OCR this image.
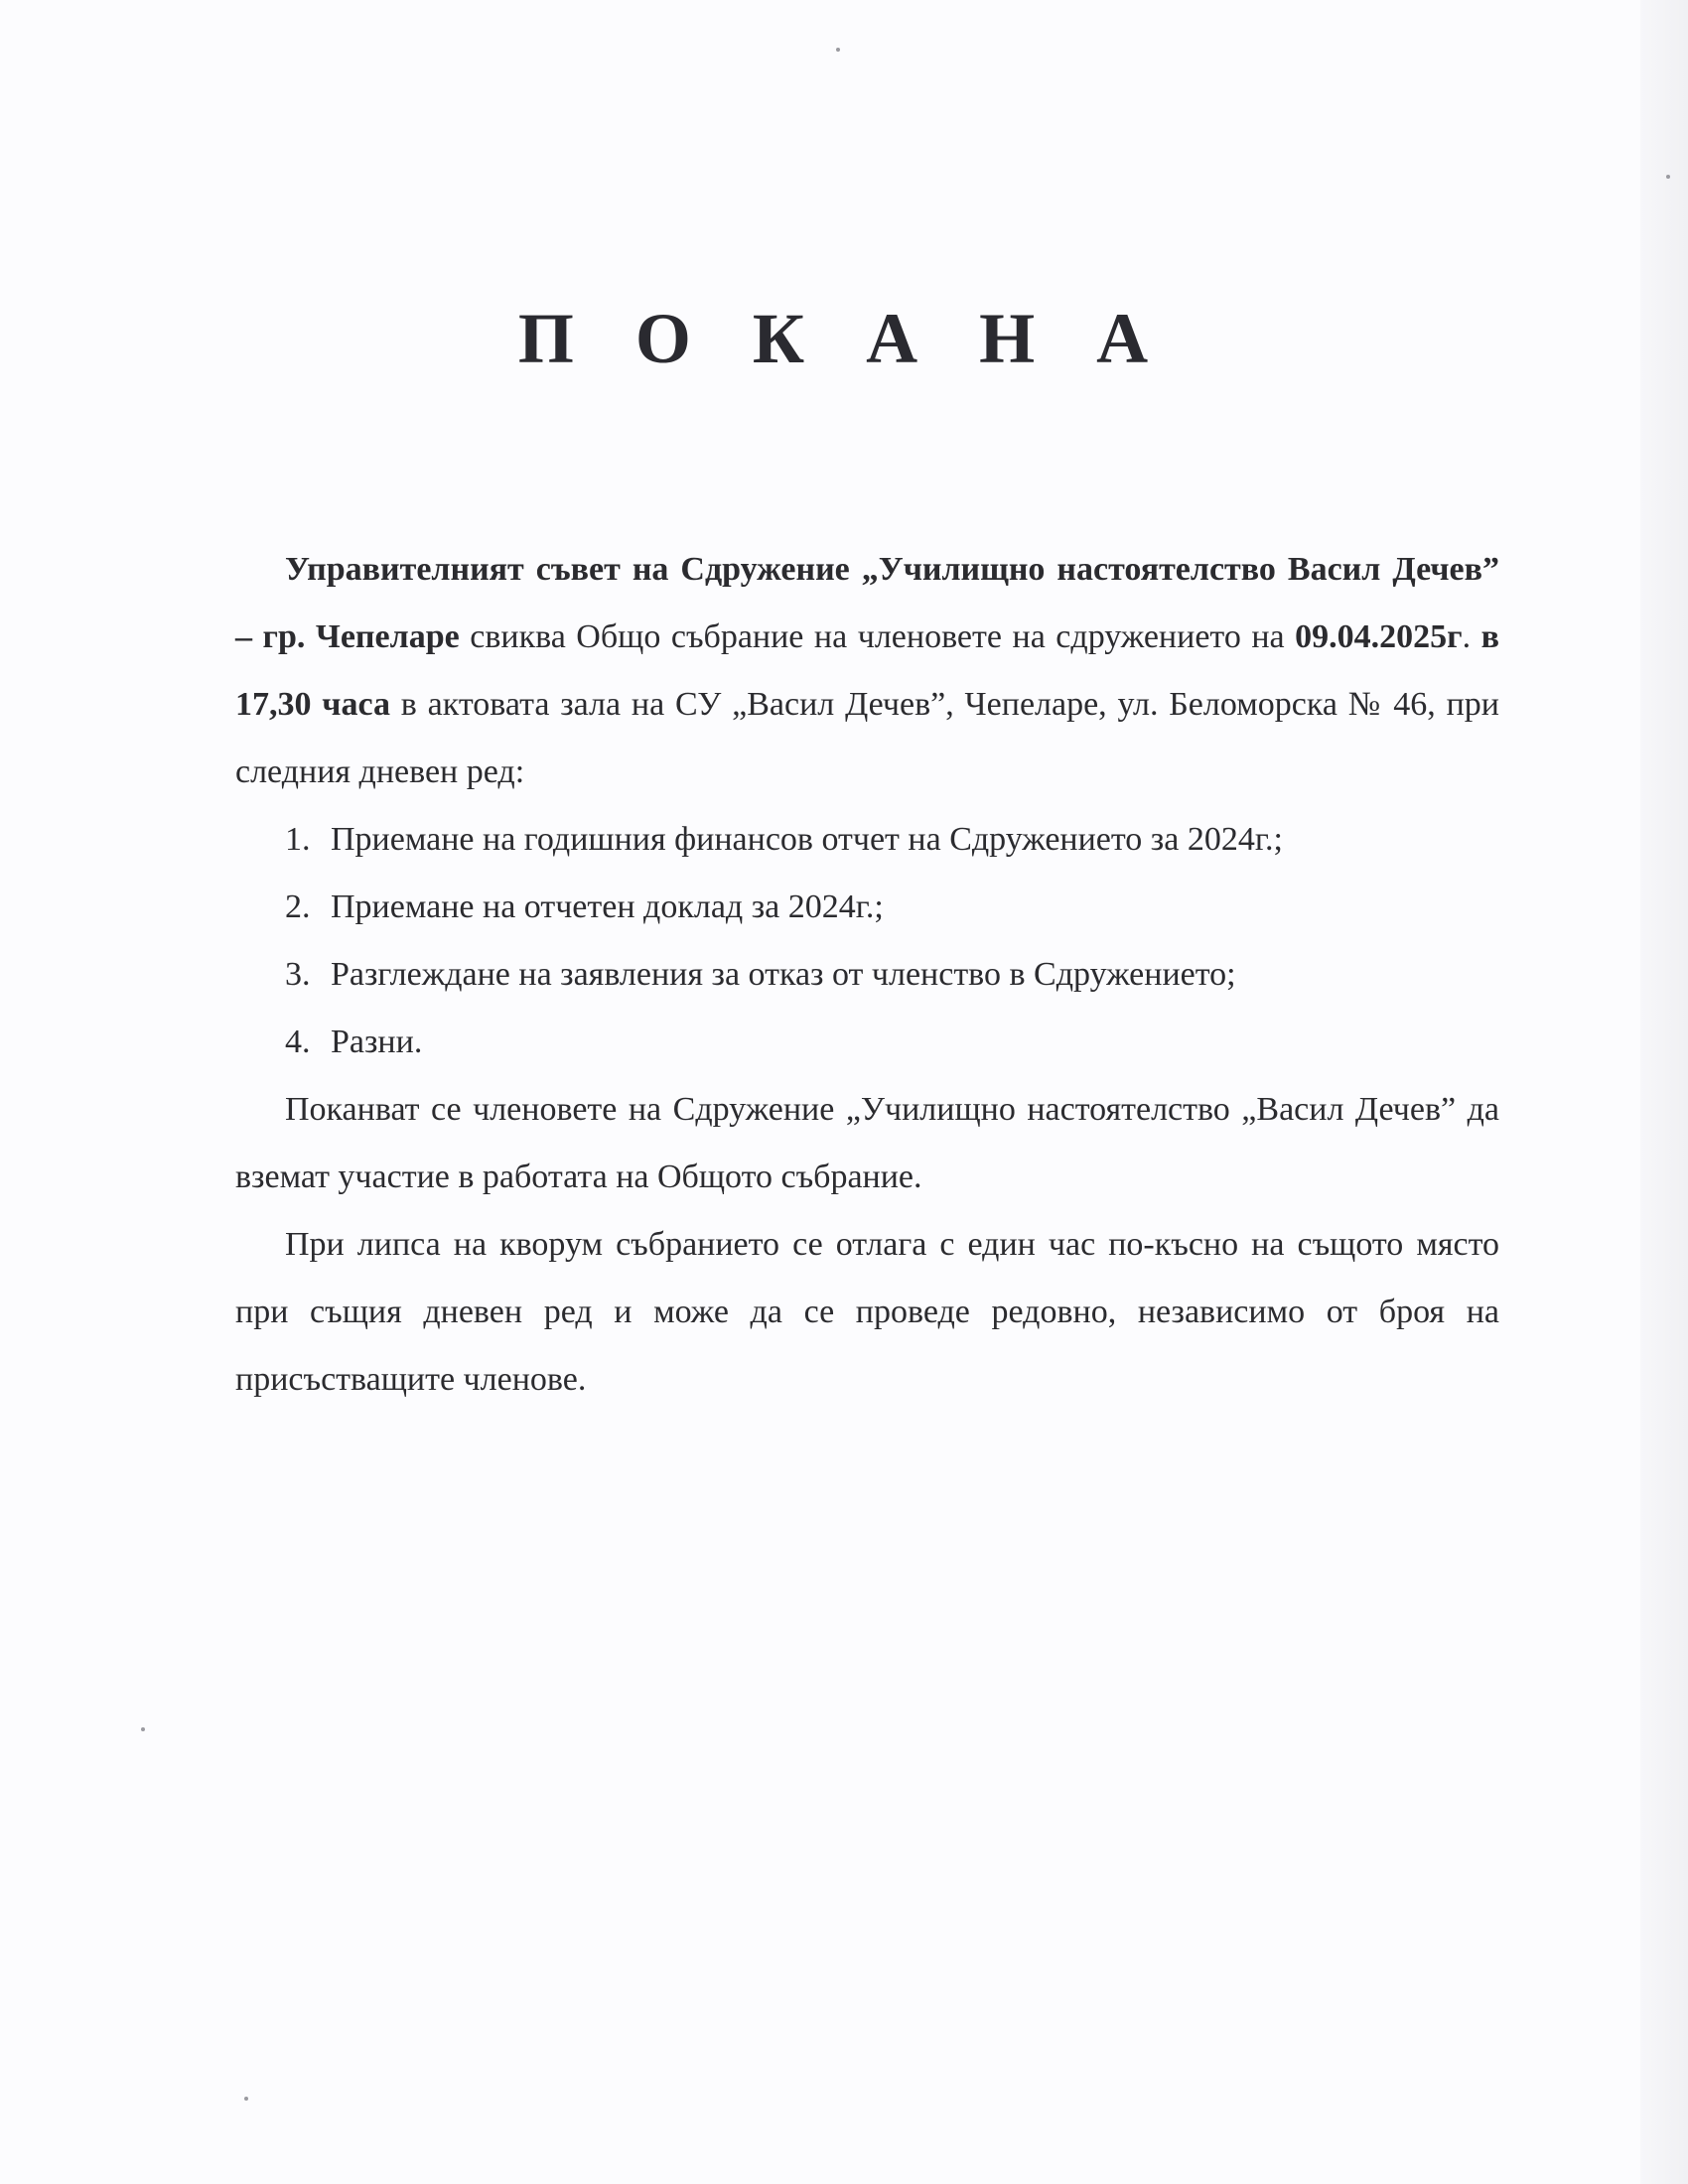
П О К А Н А

Управителният съвет на Сдружение „Училищно настоятелство Васил Дечев” – гр. Чепеларе свиква Общо събрание на членовете на сдружението на 09.04.2025г. в 17,30 часа в актовата зала на СУ „Васил Дечев”, Чепеларе, ул. Беломорска № 46, при следния дневен ред:

1. Приемане на годишния финансов отчет на Сдружението за 2024г.;
2. Приемане на отчетен доклад за 2024г.;
3. Разглеждане на заявления за отказ от членство в Сдружението;
4. Разни.

Поканват се членовете на Сдружение „Училищно настоятелство „Васил Дечев” да вземат участие в работата на Общото събрание.

При липса на кворум събранието се отлага с един час по-късно на същото място при същия дневен ред и може да се проведе редовно, независимо от броя на присъстващите членове.
